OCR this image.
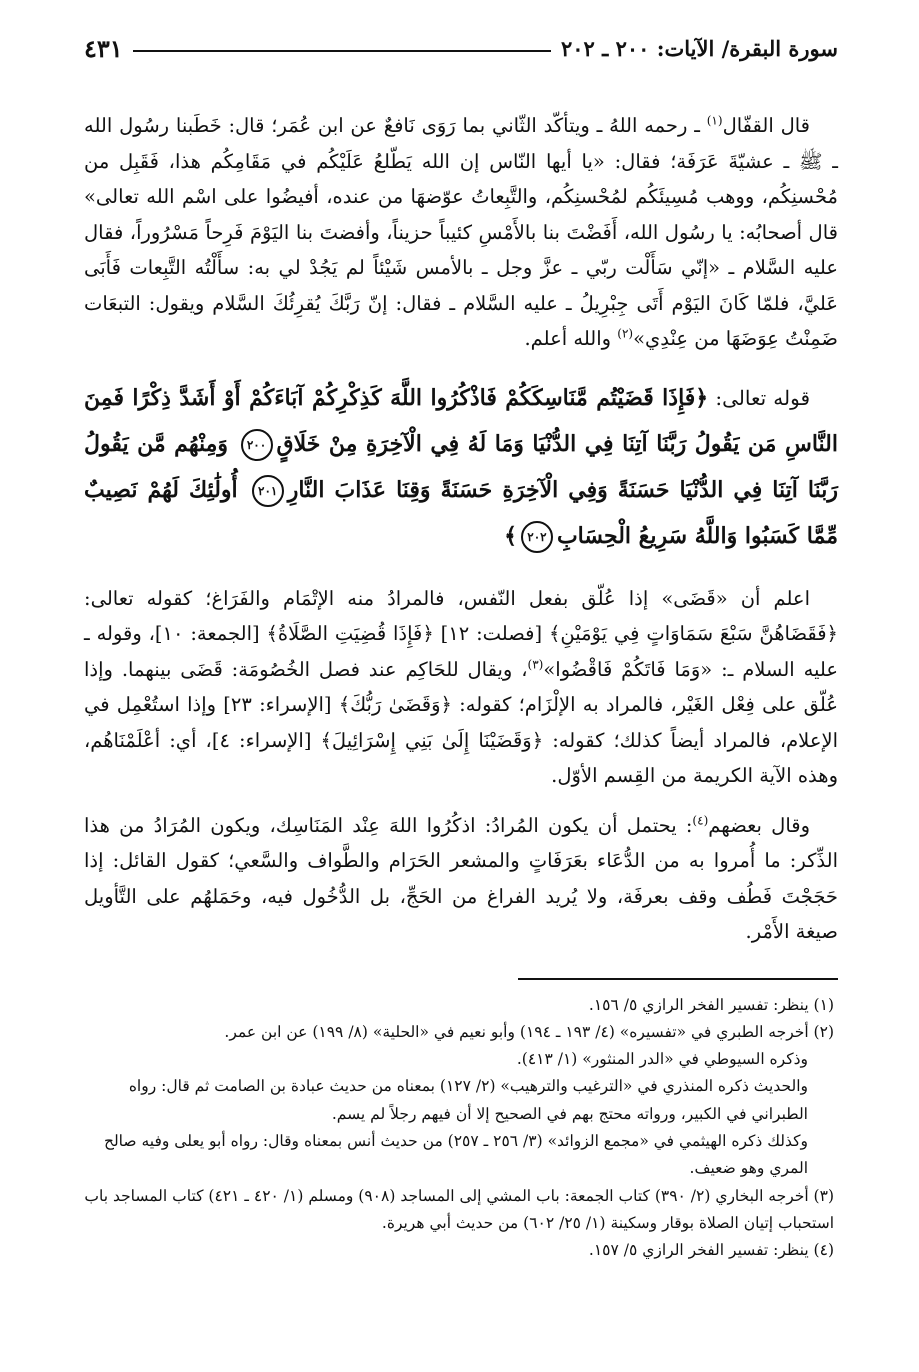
سورة البقرة/ الآيات: ٢٠٠ ـ ٢٠٢
٤٣١

قال القفّال$^{(١)}$ ـ رحمه اللهُ ـ ويتأكّد الثّاني بما رَوَى نَافعٌ عن ابن عُمَر؛ قال: خَطَبنا رسُول الله ـ ﷺ ـ عشيّةَ عَرَفَة؛ فقال: «يا أيها النّاس إن الله يَطّلعُ عَلَيْكُم في مَقَامِكُم هذا، فَقَبِل من مُحْسنِكُم، ووهب مُسِيئَكُم لمُحْسنِكُم، والتَّبِعاتُ عوّضهَا من عنده، أفيضُوا على اسْم الله تعالى» قال أصحابُه: يا رسُول الله، أَفَضْتَ بنا بالأَمْسِ كئيباً حزيناً، وأفضتَ بنا اليَوْمَ فَرِحاً مَسْرُوراً، فقال عليه السَّلام ـ «إنّي سَأَلْت ربّي ـ عزَّ وجل ـ بالأمس شَيْئاً لم يَجُدْ لي به: سأَلْتُه التَّبِعات فَأَبَى عَليَّ، فلمّا كَانَ اليَوْم أَتَى جِبْرِيلُ ـ عليه السَّلام ـ فقال: إنّ رَبَّكَ يُقرِئُكَ السَّلام ويقول: التبعَات ضَمِنْتُ عِوَضَهَا من عِنْدِي»$^{(٢)}$ والله أعلم.

قوله تعالى: ﴿فَإِذَا قَضَيْتُم مَّنَاسِكَكُمْ فَاذْكُرُوا اللَّهَ كَذِكْرِكُمْ آبَاءَكُمْ أَوْ أَشَدَّ ذِكْرًا فَمِنَ النَّاسِ مَن يَقُولُ رَبَّنَا آتِنَا فِي الدُّنْيَا وَمَا لَهُ فِي الْآخِرَةِ مِنْ خَلَاقٍ٢٠٠ وَمِنْهُم مَّن يَقُولُ رَبَّنَا آتِنَا فِي الدُّنْيَا حَسَنَةً وَفِي الْآخِرَةِ حَسَنَةً وَقِنَا عَذَابَ النَّارِ٢٠١ أُولَٰئِكَ لَهُمْ نَصِيبٌ مِّمَّا كَسَبُوا وَاللَّهُ سَرِيعُ الْحِسَابِ٢٠٢﴾

اعلم أن «قَضَى» إذا عُلّق بفعل النّفس، فالمرادُ منه الإتْمَام والفَرَاغ؛ كقوله تعالى: ﴿فَقَضَاهُنَّ سَبْعَ سَمَاوَاتٍ فِي يَوْمَيْنِ﴾ [فصلت: ١٢] ﴿فَإِذَا قُضِيَتِ الصَّلَاةُ﴾ [الجمعة: ١٠]، وقوله ـ عليه السلام ـ: «وَمَا فَاتَكُمْ فَاقْضُوا»$^{(٣)}$، ويقال للحَاكِم عند فصل الخُصُومَة: قَضَى بينهما. وإذا عُلّق على فِعْل الغَيْر، فالمراد به الإلْزَام؛ كقوله: ﴿وَقَضَىٰ رَبُّكَ﴾ [الإسراء: ٢٣] وإذا استُعْمِل في الإعلام، فالمراد أيضاً كذلك؛ كقوله: ﴿وَقَضَيْنَا إِلَىٰ بَنِي إِسْرَائِيلَ﴾ [الإسراء: ٤]، أي: أعْلَمْنَاهُم، وهذه الآية الكريمة من القِسم الأوّل.

وقال بعضهم$^{(٤)}$: يحتمل أن يكون المُرادُ: اذكُرُوا اللهَ عِنْد المَنَاسِك، ويكون المُرَادُ من هذا الذِّكر: ما أُمروا به من الدُّعَاء بعَرَفَاتٍ والمشعر الحَرَام والطَّواف والسَّعي؛ كقول القائل: إذا حَجَجْتَ فَطُف وقف بعرفَة، ولا يُريد الفراغ من الحَجِّ، بل الدُّخُول فيه، وحَمَلهُم على التَّأويل صيغة الأَمْر.

(١) ينظر: تفسير الفخر الرازي ٥/ ١٥٦.

(٢) أخرجه الطبري في «تفسيره» (٤/ ١٩٣ ـ ١٩٤) وأبو نعيم في «الحلية» (٨/ ١٩٩) عن ابن عمر.

وذكره السيوطي في «الدر المنثور» (١/ ٤١٣).

والحديث ذكره المنذري في «الترغيب والترهيب» (٢/ ١٢٧) بمعناه من حديث عبادة بن الصامت ثم قال: رواه الطبراني في الكبير، ورواته محتج بهم في الصحيح إلا أن فيهم رجلاً لم يسم.

وكذلك ذكره الهيثمي في «مجمع الزوائد» (٣/ ٢٥٦ ـ ٢٥٧) من حديث أنس بمعناه وقال: رواه أبو يعلى وفيه صالح المري وهو ضعيف.

(٣) أخرجه البخاري (٢/ ٣٩٠) كتاب الجمعة: باب المشي إلى المساجد (٩٠٨) ومسلم (١/ ٤٢٠ ـ ٤٢١) كتاب المساجد باب استحباب إتيان الصلاة بوقار وسكينة (١/ ٢٥/ ٦٠٢) من حديث أبي هريرة.

(٤) ينظر: تفسير الفخر الرازي ٥/ ١٥٧.
